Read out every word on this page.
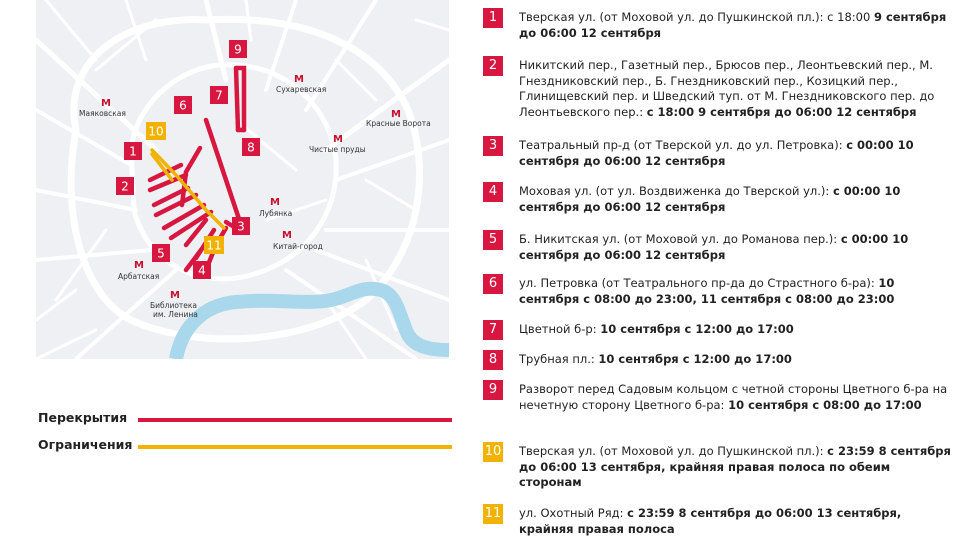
M
Маяковская
M
Сухаревская
M
Красные Ворота
M
Чистые пруды
M
Лубянка
M
Китай-город
M
Арбатская
M
Библиотека
им. Ленина
1
2
3
4
5
6
7
8
9
10
11
Перекрытия
Ограничения
1	Тверская ул. (от Моховой ул. до Пушкинской пл.): с 18:00 9 сентября до 06:00 12 сентября
2	Никитский пер., Газетный пер., Брюсов пер., Леонтьевский пер., М. Гнездниковский пер., Б. Гнездниковский пер., Козицкий пер., Глинищевский пер. и Шведский туп. от М. Гнездниковского пер. до Леонтьевского пер.: с 18:00 9 сентября до 06:00 12 сентября
3	Театральный пр-д (от Тверской ул. до ул. Петровка): с 00:00 10 сентября до 06:00 12 сентября
4	Моховая ул. (от ул. Воздвиженка до Тверской ул.): с 00:00 10 сентября до 06:00 12 сентября
5	Б. Никитская ул. (от Моховой ул. до Романова пер.): с 00:00 10 сентября до 06:00 12 сентября
6	ул. Петровка (от Театрального пр-да до Страстного б-ра): 10 сентября с 08:00 до 23:00, 11 сентября с 08:00 до 23:00
7	Цветной б-р: 10 сентября с 12:00 до 17:00
8	Трубная пл.: 10 сентября с 12:00 до 17:00
9	Разворот перед Садовым кольцом с четной стороны Цветного б-ра на нечетную сторону Цветного б-ра: 10 сентября с 08:00 до 17:00
10 Тверская ул. (от Моховой ул. до Пушкинской пл.): с 23:59 8 сентября до 06:00 13 сентября, крайняя правая полоса по обеим сторонам
11 ул. Охотный Ряд: с 23:59 8 сентября до 06:00 13 сентября, крайняя правая полоса
